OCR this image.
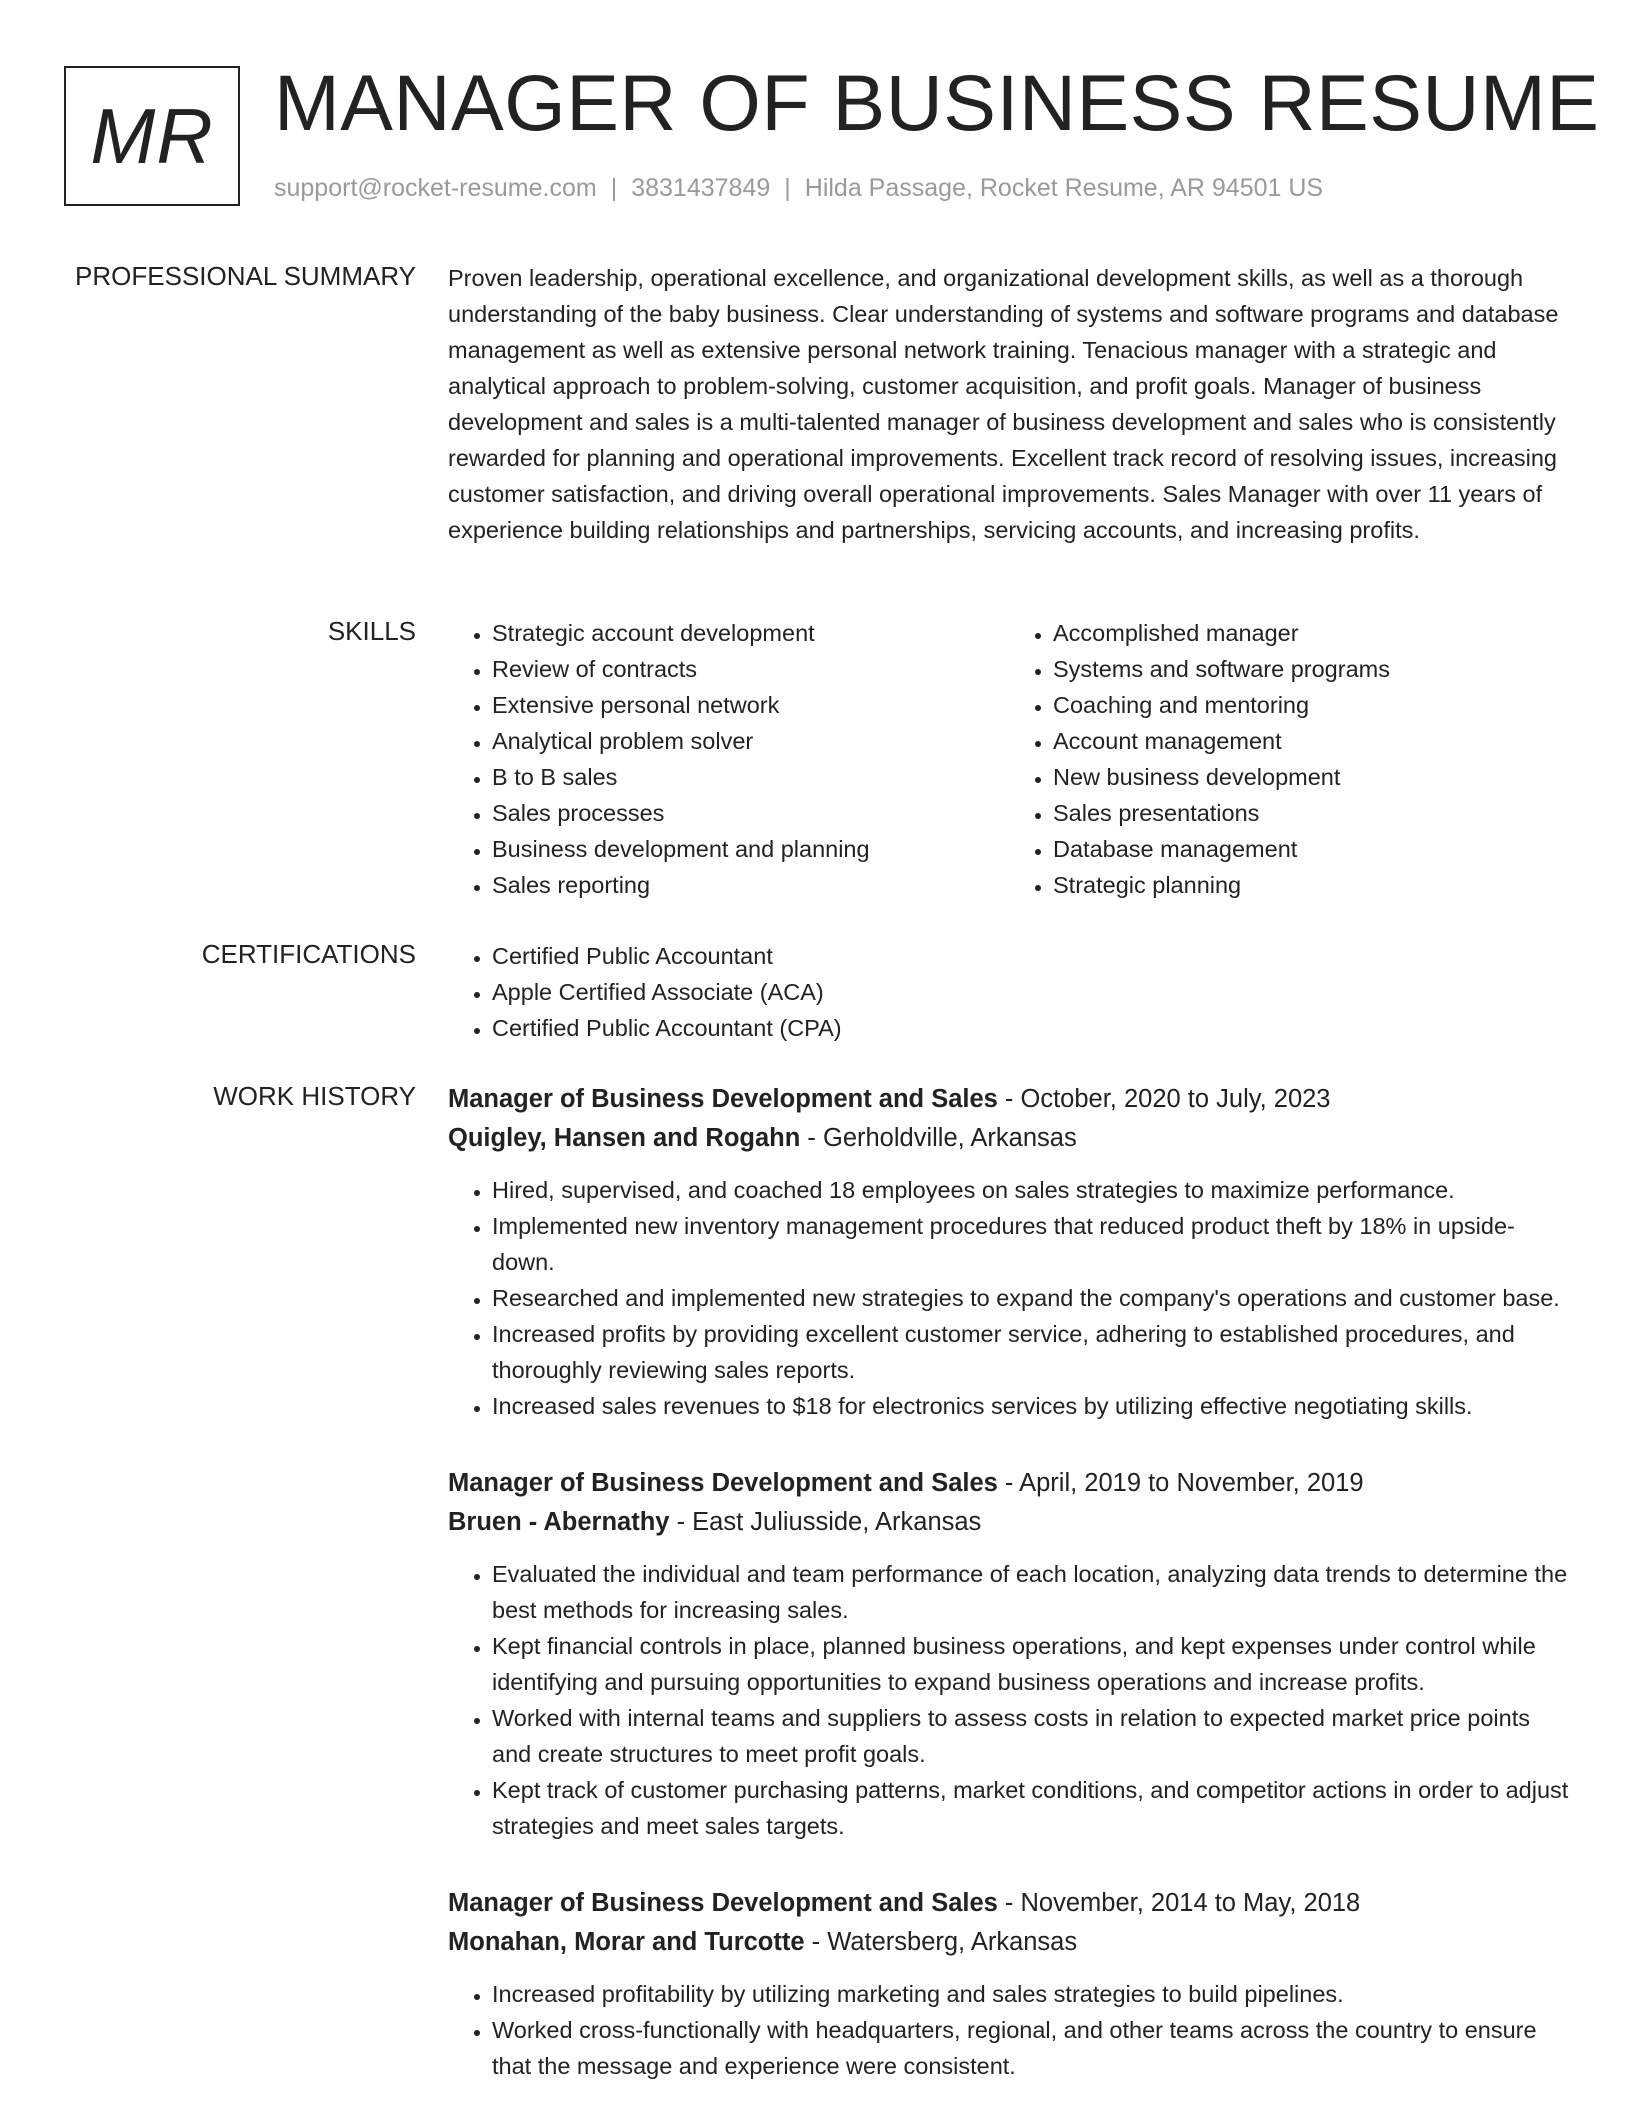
MR MANAGER OF BUSINESS RESUME
support@rocket-resume.com | 3831437849 | Hilda Passage, Rocket Resume, AR 94501 US
PROFESSIONAL SUMMARY Proven leadership, operational excellence, and organizational development skills, as well as a thorough understanding of the baby business. Clear understanding of systems and software programs and database management as well as extensive personal network training. Tenacious manager with a strategic and analytical approach to problem-solving, customer acquisition, and profit goals. Manager of business development and sales is a multi-talented manager of business development and sales who is consistently rewarded for planning and operational improvements. Excellent track record of resolving issues, increasing customer satisfaction, and driving overall operational improvements. Sales Manager with over 11 years of experience building relationships and partnerships, servicing accounts, and increasing profits.
SKILLS	• Strategic account development
• Review of contracts
• Extensive personal network
• Analytical problem solver
• B to B sales
• Sales processes
• Business development and planning
• Sales reporting
• Accomplished manager
• Systems and software programs
• Coaching and mentoring
• Account management
• New business development
• Sales presentations
• Database management
• Strategic planning
CERTIFICATIONS	• Certified Public Accountant
• Apple Certified Associate (ACA)
• Certified Public Accountant (CPA)
WORK HISTORY Manager of Business Development and Sales - October, 2020 to July, 2023
Quigley, Hansen and Rogahn - Gerholdville, Arkansas
• Hired, supervised, and coached 18 employees on sales strategies to maximize performance.
• Implemented new inventory management procedures that reduced product theft by 18% in upside-down.
• Researched and implemented new strategies to expand the company's operations and customer base.
• Increased profits by providing excellent customer service, adhering to established procedures, and thoroughly reviewing sales reports.
• Increased sales revenues to $18 for electronics services by utilizing effective negotiating skills.
Manager of Business Development and Sales - April, 2019 to November, 2019
Bruen - Abernathy - East Juliusside, Arkansas
• Evaluated the individual and team performance of each location, analyzing data trends to determine the best methods for increasing sales.
• Kept financial controls in place, planned business operations, and kept expenses under control while identifying and pursuing opportunities to expand business operations and increase profits.
• Worked with internal teams and suppliers to assess costs in relation to expected market price points and create structures to meet profit goals.
• Kept track of customer purchasing patterns, market conditions, and competitor actions in order to adjust strategies and meet sales targets.
Manager of Business Development and Sales - November, 2014 to May, 2018
Monahan, Morar and Turcotte - Watersberg, Arkansas
• Increased profitability by utilizing marketing and sales strategies to build pipelines.
• Worked cross-functionally with headquarters, regional, and other teams across the country to ensure that the message and experience were consistent.
